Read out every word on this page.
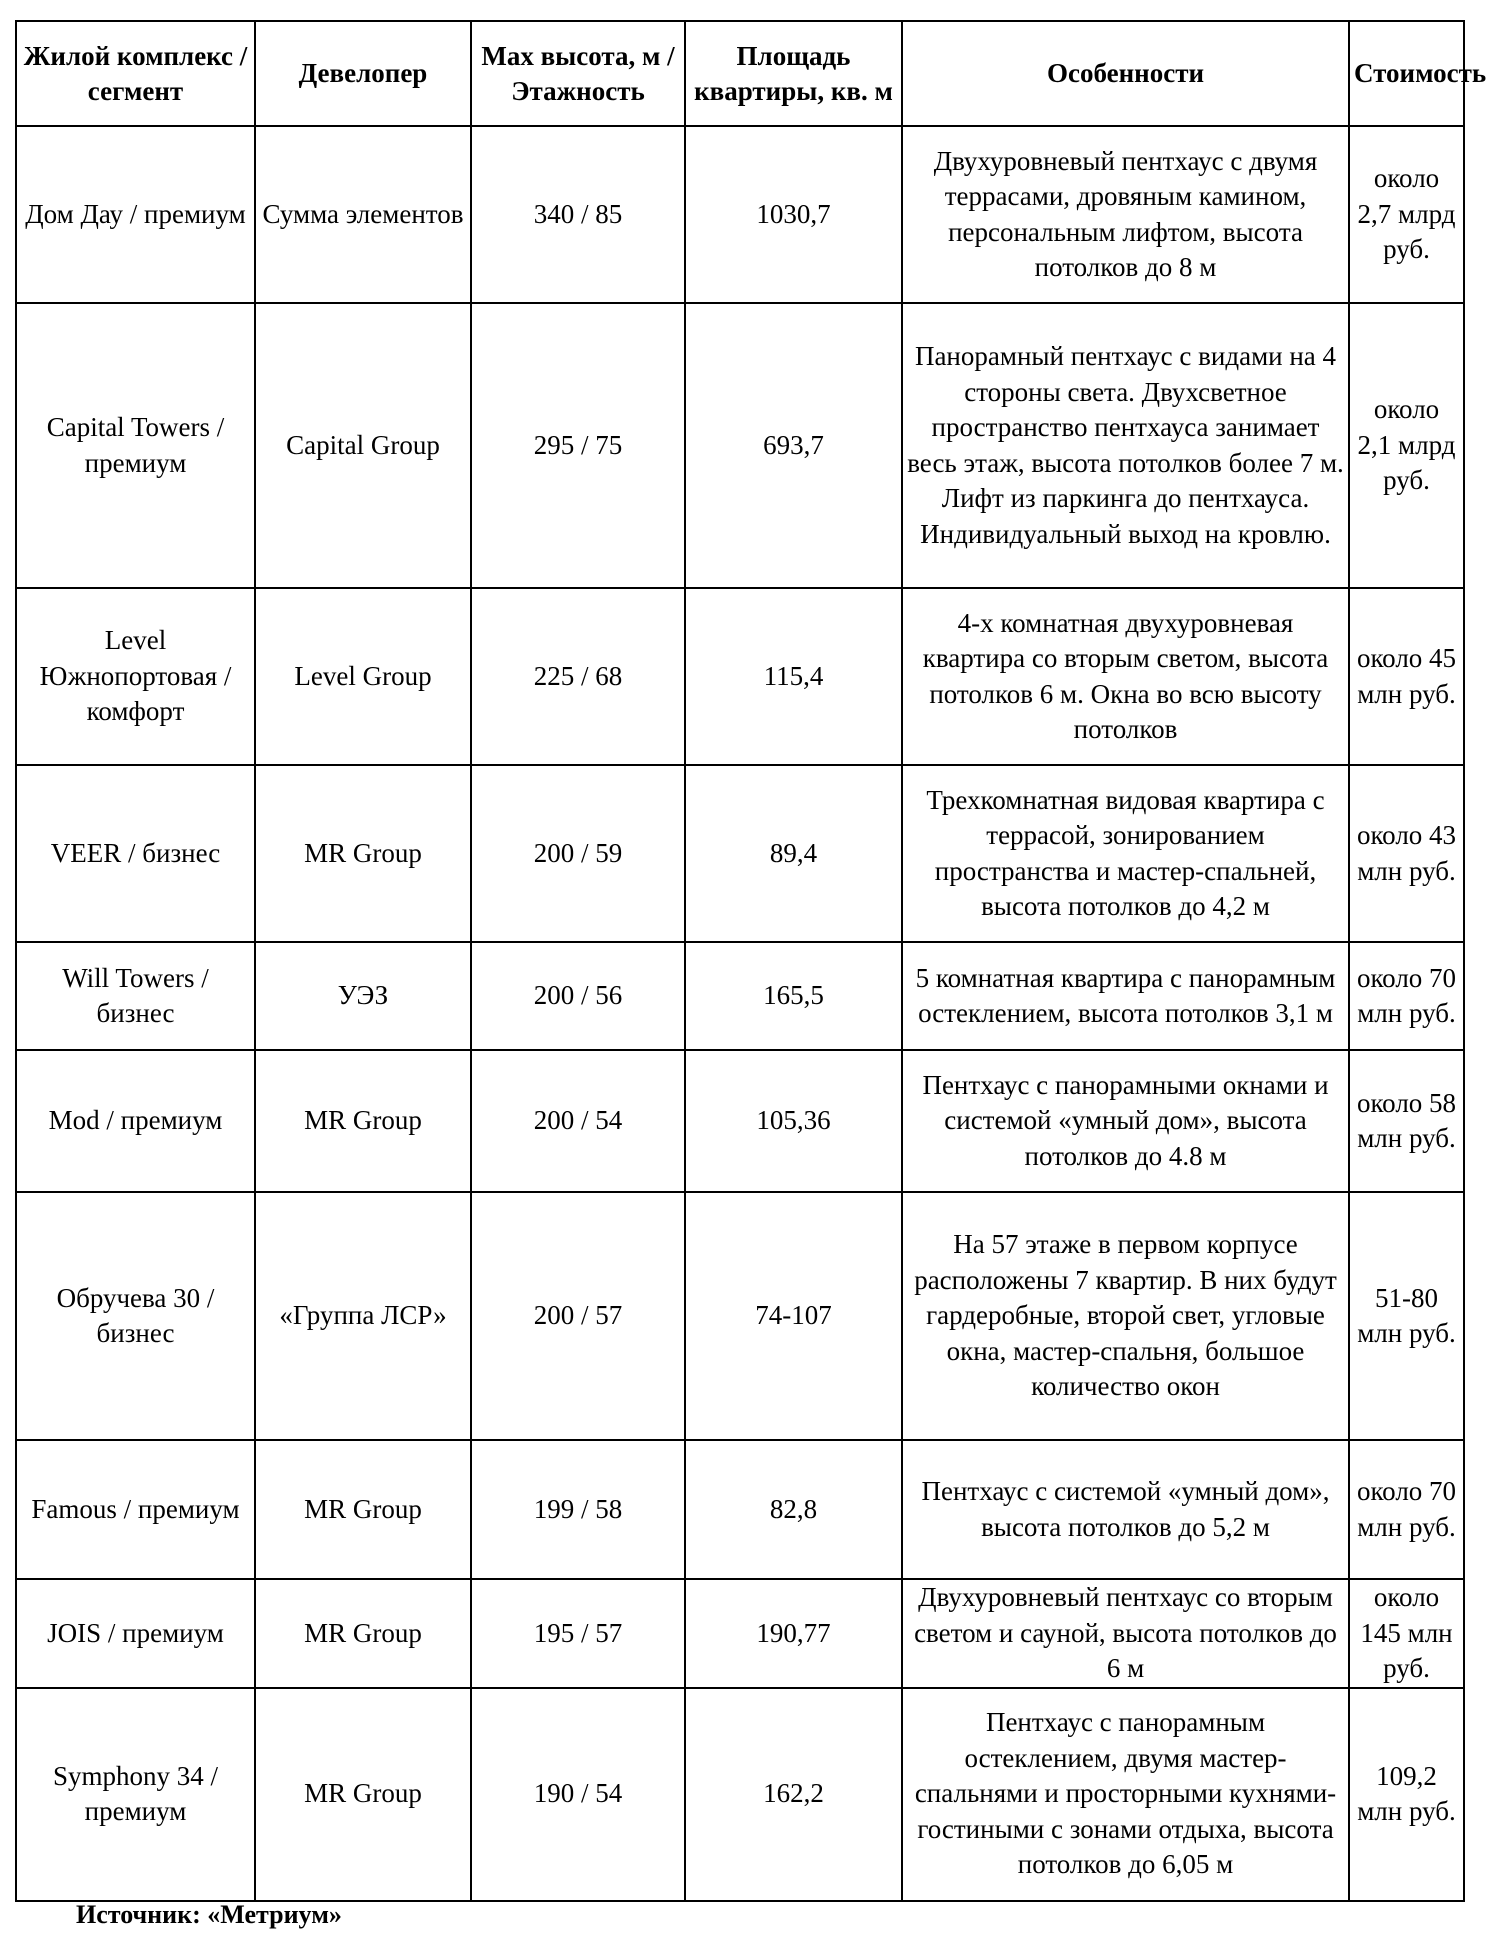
Жилой комплекс / сегмент	Девелопер	Max высота, м / Этажность	Площадь квартиры, кв. м	Особенности	Стоимость
Дом Дау / премиум	Сумма элементов	340 / 85	1030,7	Двухуровневый пентхаус с двумя террасами, дровяным камином, персональным лифтом, высота потолков до 8 м	около 2,7 млрд руб.
Capital Towers / премиум	Capital Group	295 / 75	693,7	Панорамный пентхаус с видами на 4 стороны света. Двухсветное пространство пентхауса занимает весь этаж, высота потолков более 7 м. Лифт из паркинга до пентхауса. Индивидуальный выход на кровлю.	около 2,1 млрд руб.
Level Южнопортовая / комфорт	Level Group	225 / 68	115,4	4-х комнатная двухуровневая квартира со вторым светом, высота потолков 6 м. Окна во всю высоту потолков	около 45 млн руб.
VEER / бизнес	MR Group	200 / 59	89,4	Трехкомнатная видовая квартира с террасой, зонированием пространства и мастер-спальней, высота потолков до 4,2 м	около 43 млн руб.
Will Towers / бизнес	УЭЗ	200 / 56	165,5	5 комнатная квартира с панорамным остеклением, высота потолков 3,1 м	около 70 млн руб.
Mod / премиум	MR Group	200 / 54	105,36	Пентхаус с панорамными окнами и системой «умный дом», высота потолков до 4.8 м	около 58 млн руб.
Обручева 30 / бизнес	«Группа ЛСР»	200 / 57	74-107	На 57 этаже в первом корпусе расположены 7 квартир. В них будут гардеробные, второй свет, угловые окна, мастер-спальня, большое количество окон	51-80 млн руб.
Famous / премиум	MR Group	199 / 58	82,8	Пентхаус с системой «умный дом», высота потолков до 5,2 м	около 70 млн руб.
JOIS / премиум	MR Group	195 / 57	190,77	Двухуровневый пентхаус со вторым светом и сауной, высота потолков до 6 м	около 145 млн руб.
Symphony 34 / премиум	MR Group	190 / 54	162,2	Пентхаус с панорамным остеклением, двумя мастер-спальнями и просторными кухнями-гостиными с зонами отдыха, высота потолков до 6,05 м	109,2 млн руб.
Источник: «Метриум»
